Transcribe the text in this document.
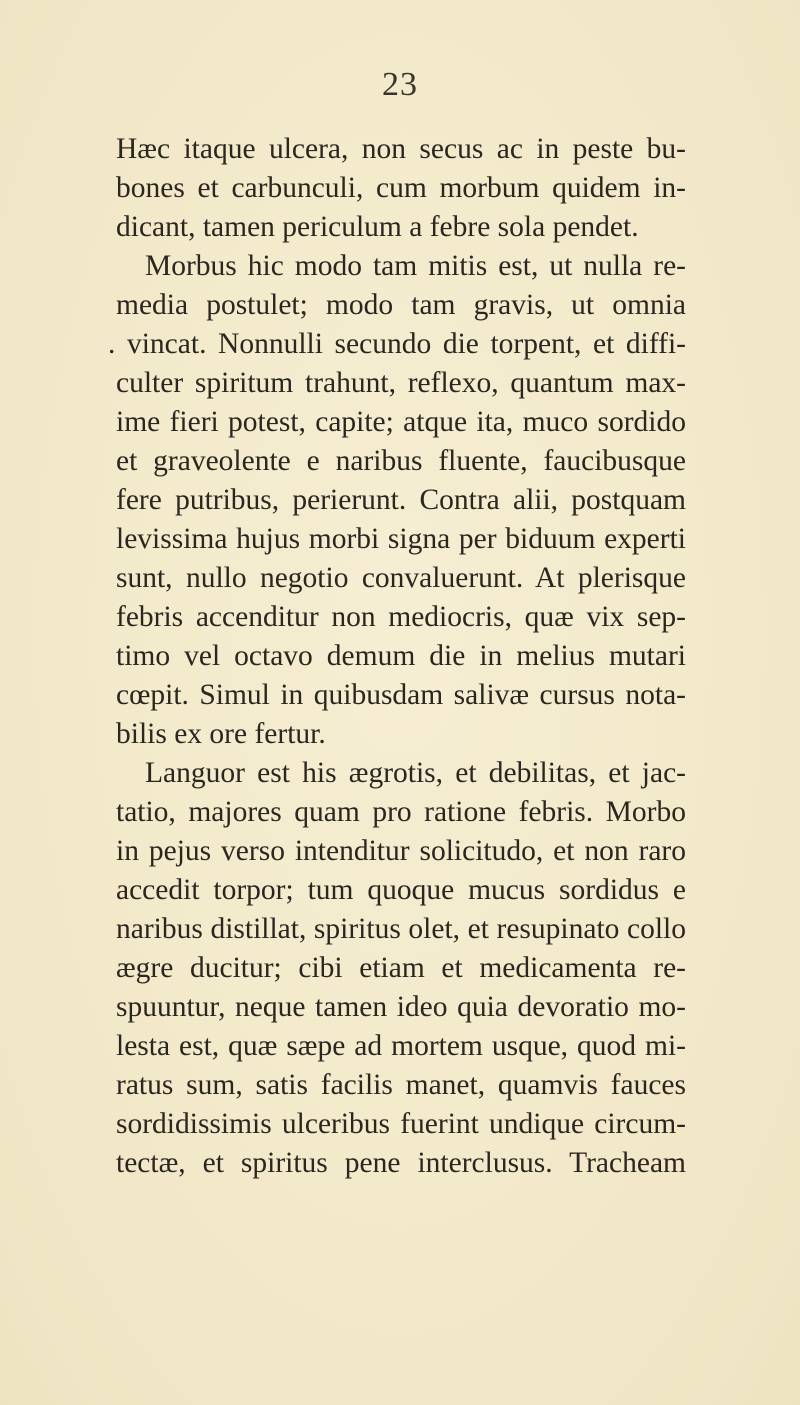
23
Hæc itaque ulcera, non secus ac in peste bu-
bones et carbunculi, cum morbum quidem in-
dicant, tamen periculum a febre sola pendet.
Morbus hic modo tam mitis est, ut nulla re-
media postulet; modo tam gravis, ut omnia
. vincat. Nonnulli secundo die torpent, et diffi-
culter spiritum trahunt, reflexo, quantum max-
ime fieri potest, capite; atque ita, muco sordido
et graveolente e naribus fluente, faucibusque
fere putribus, perierunt. Contra alii, postquam
levissima hujus morbi signa per biduum experti
sunt, nullo negotio convaluerunt. At plerisque
febris accenditur non mediocris, quæ vix sep-
timo vel octavo demum die in melius mutari
cœpit. Simul in quibusdam salivæ cursus nota-
bilis ex ore fertur.
Languor est his ægrotis, et debilitas, et jac-
tatio, majores quam pro ratione febris. Morbo
in pejus verso intenditur solicitudo, et non raro
accedit torpor; tum quoque mucus sordidus e
naribus distillat, spiritus olet, et resupinato collo
ægre ducitur; cibi etiam et medicamenta re-
spuuntur, neque tamen ideo quia devoratio mo-
lesta est, quæ sæpe ad mortem usque, quod mi-
ratus sum, satis facilis manet, quamvis fauces
sordidissimis ulceribus fuerint undique circum-
tectæ, et spiritus pene interclusus. Tracheam
